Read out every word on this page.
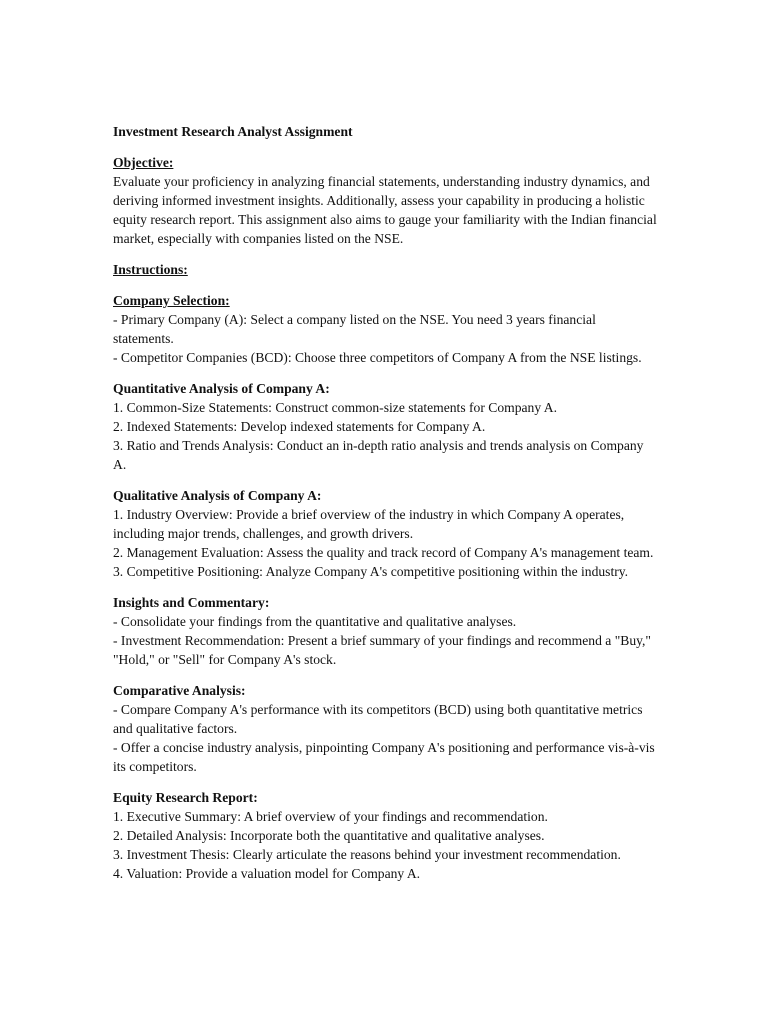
Investment Research Analyst Assignment

Objective:

Evaluate your proficiency in analyzing financial statements, understanding industry dynamics, and deriving informed investment insights. Additionally, assess your capability in producing a holistic equity research report. This assignment also aims to gauge your familiarity with the Indian financial market, especially with companies listed on the NSE.

Instructions:

Company Selection:

- Primary Company (A): Select a company listed on the NSE. You need 3 years financial statements.

- Competitor Companies (BCD): Choose three competitors of Company A from the NSE listings.

Quantitative Analysis of Company A:

1. Common-Size Statements: Construct common-size statements for Company A.

2. Indexed Statements: Develop indexed statements for Company A.

3. Ratio and Trends Analysis: Conduct an in-depth ratio analysis and trends analysis on Company A.

Qualitative Analysis of Company A:

1. Industry Overview: Provide a brief overview of the industry in which Company A operates, including major trends, challenges, and growth drivers.

2. Management Evaluation: Assess the quality and track record of Company A's management team.

3. Competitive Positioning: Analyze Company A's competitive positioning within the industry.

Insights and Commentary:

- Consolidate your findings from the quantitative and qualitative analyses.

- Investment Recommendation: Present a brief summary of your findings and recommend a "Buy," "Hold," or "Sell" for Company A's stock.

Comparative Analysis:

- Compare Company A's performance with its competitors (BCD) using both quantitative metrics and qualitative factors.

- Offer a concise industry analysis, pinpointing Company A's positioning and performance vis-à-vis its competitors.

Equity Research Report:

1. Executive Summary: A brief overview of your findings and recommendation.

2. Detailed Analysis: Incorporate both the quantitative and qualitative analyses.

3. Investment Thesis: Clearly articulate the reasons behind your investment recommendation.

4. Valuation: Provide a valuation model for Company A.
